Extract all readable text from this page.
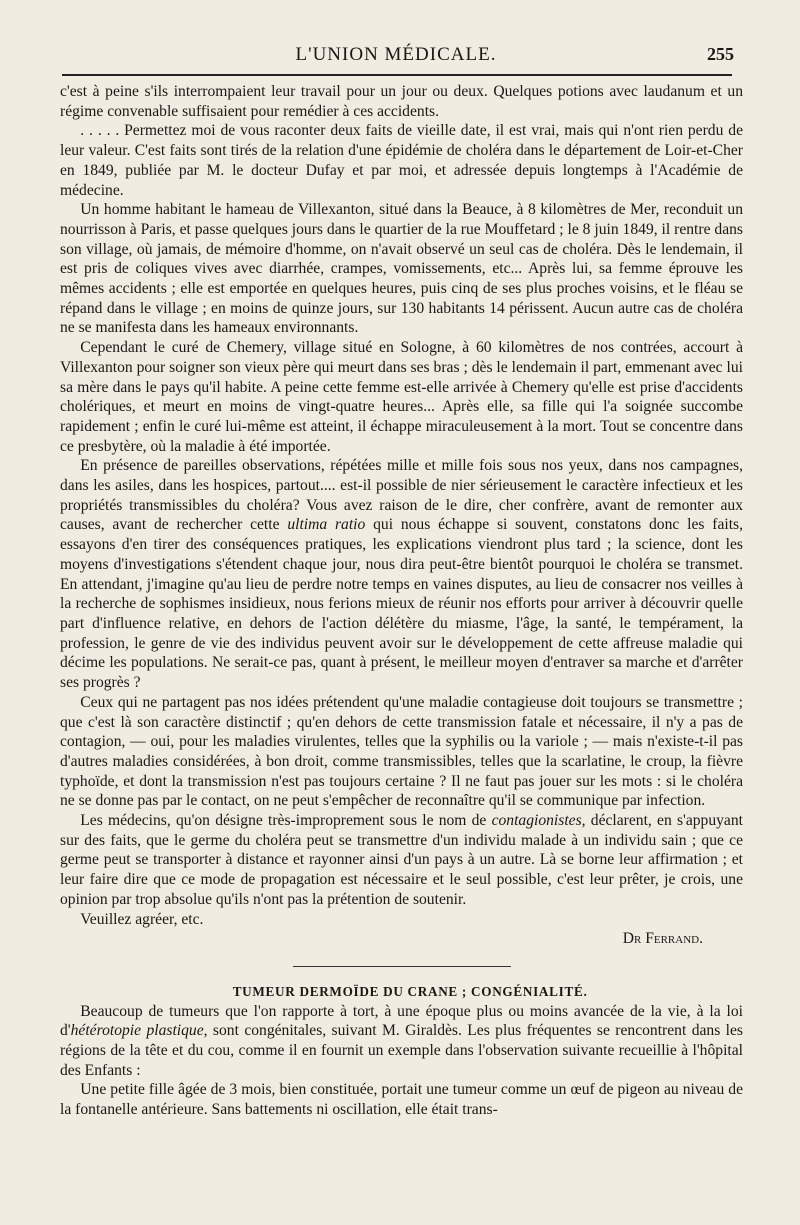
L'UNION MÉDICALE.	255

c'est à peine s'ils interrompaient leur travail pour un jour ou deux. Quelques potions avec laudanum et un régime convenable suffisaient pour remédier à ces accidents.

. . . . . Permettez moi de vous raconter deux faits de vieille date, il est vrai, mais qui n'ont rien perdu de leur valeur. C'est faits sont tirés de la relation d'une épidémie de choléra dans le département de Loir-et-Cher en 1849, publiée par M. le docteur Dufay et par moi, et adressée depuis longtemps à l'Académie de médecine.

Un homme habitant le hameau de Villexanton, situé dans la Beauce, à 8 kilomètres de Mer, reconduit un nourrisson à Paris, et passe quelques jours dans le quartier de la rue Mouffetard ; le 8 juin 1849, il rentre dans son village, où jamais, de mémoire d'homme, on n'avait observé un seul cas de choléra. Dès le lendemain, il est pris de coliques vives avec diarrhée, crampes, vomissements, etc... Après lui, sa femme éprouve les mêmes accidents ; elle est emportée en quelques heures, puis cinq de ses plus proches voisins, et le fléau se répand dans le village ; en moins de quinze jours, sur 130 habitants 14 périssent. Aucun autre cas de choléra ne se manifesta dans les hameaux environnants.

Cependant le curé de Chemery, village situé en Sologne, à 60 kilomètres de nos contrées, accourt à Villexanton pour soigner son vieux père qui meurt dans ses bras ; dès le lendemain il part, emmenant avec lui sa mère dans le pays qu'il habite. A peine cette femme est-elle arrivée à Chemery qu'elle est prise d'accidents cholériques, et meurt en moins de vingt-quatre heures... Après elle, sa fille qui l'a soignée succombe rapidement ; enfin le curé lui-même est atteint, il échappe miraculeusement à la mort. Tout se concentre dans ce presbytère, où la maladie à été importée.

En présence de pareilles observations, répétées mille et mille fois sous nos yeux, dans nos campagnes, dans les asiles, dans les hospices, partout.... est-il possible de nier sérieusement le caractère infectieux et les propriétés transmissibles du choléra? Vous avez raison de le dire, cher confrère, avant de remonter aux causes, avant de rechercher cette ultima ratio qui nous échappe si souvent, constatons donc les faits, essayons d'en tirer des conséquences pratiques, les explications viendront plus tard ; la science, dont les moyens d'investigations s'étendent chaque jour, nous dira peut-être bientôt pourquoi le choléra se transmet. En attendant, j'imagine qu'au lieu de perdre notre temps en vaines disputes, au lieu de consacrer nos veilles à la recherche de sophismes insidieux, nous ferions mieux de réunir nos efforts pour arriver à découvrir quelle part d'influence relative, en dehors de l'action délétère du miasme, l'âge, la santé, le tempérament, la profession, le genre de vie des individus peuvent avoir sur le développement de cette affreuse maladie qui décime les populations. Ne serait-ce pas, quant à présent, le meilleur moyen d'entraver sa marche et d'arrêter ses progrès ?

Ceux qui ne partagent pas nos idées prétendent qu'une maladie contagieuse doit toujours se transmettre ; que c'est là son caractère distinctif ; qu'en dehors de cette transmission fatale et nécessaire, il n'y a pas de contagion, — oui, pour les maladies virulentes, telles que la syphilis ou la variole ; — mais n'existe-t-il pas d'autres maladies considérées, à bon droit, comme transmissibles, telles que la scarlatine, le croup, la fièvre typhoïde, et dont la transmission n'est pas toujours certaine ? Il ne faut pas jouer sur les mots : si le choléra ne se donne pas par le contact, on ne peut s'empêcher de reconnaître qu'il se communique par infection.

Les médecins, qu'on désigne très-improprement sous le nom de contagionistes, déclarent, en s'appuyant sur des faits, que le germe du choléra peut se transmettre d'un individu malade à un individu sain ; que ce germe peut se transporter à distance et rayonner ainsi d'un pays à un autre. Là se borne leur affirmation ; et leur faire dire que ce mode de propagation est nécessaire et le seul possible, c'est leur prêter, je crois, une opinion par trop absolue qu'ils n'ont pas la prétention de soutenir.

Veuillez agréer, etc.

Dr Ferrand.

TUMEUR DERMOÏDE DU CRANE ; CONGÉNIALITÉ.

Beaucoup de tumeurs que l'on rapporte à tort, à une époque plus ou moins avancée de la vie, à la loi d'hétérotopie plastique, sont congénitales, suivant M. Giraldès. Les plus fréquentes se rencontrent dans les régions de la tête et du cou, comme il en fournit un exemple dans l'observation suivante recueillie à l'hôpital des Enfants :

Une petite fille âgée de 3 mois, bien constituée, portait une tumeur comme un œuf de pigeon au niveau de la fontanelle antérieure. Sans battements ni oscillation, elle était trans-
